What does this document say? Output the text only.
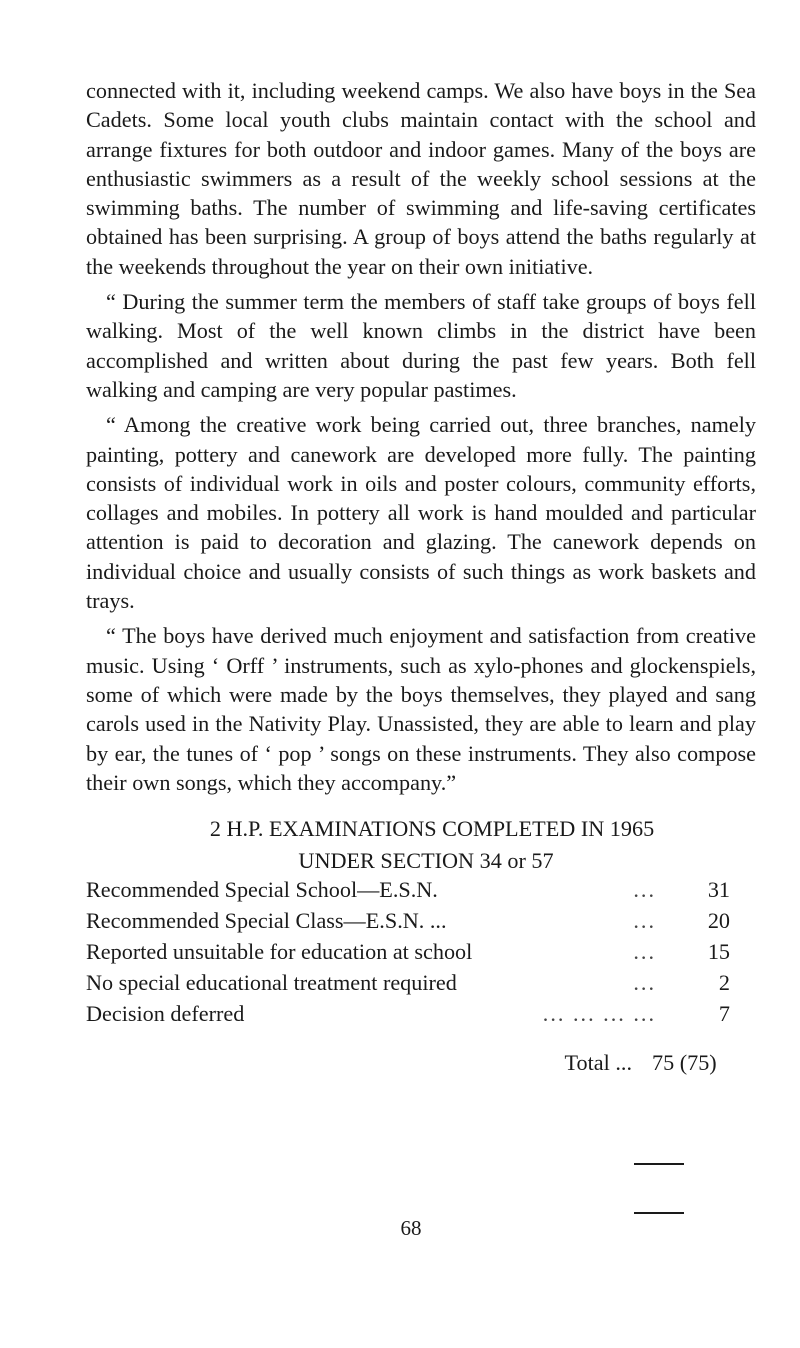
connected with it, including weekend camps. We also have boys in the Sea Cadets. Some local youth clubs maintain contact with the school and arrange fixtures for both outdoor and indoor games. Many of the boys are enthusiastic swimmers as a result of the weekly school sessions at the swimming baths. The number of swimming and life-saving certificates obtained has been surprising. A group of boys attend the baths regularly at the weekends throughout the year on their own initiative.

“ During the summer term the members of staff take groups of boys fell walking. Most of the well known climbs in the district have been accomplished and written about during the past few years. Both fell walking and camping are very popular pastimes.

“ Among the creative work being carried out, three branches, namely painting, pottery and canework are developed more fully. The painting consists of individual work in oils and poster colours, community efforts, collages and mobiles. In pottery all work is hand moulded and particular attention is paid to decoration and glazing. The canework depends on individual choice and usually consists of such things as work baskets and trays.

“ The boys have derived much enjoyment and satisfaction from creative music. Using ‘ Orff ’ instruments, such as xylo-phones and glockenspiels, some of which were made by the boys themselves, they played and sang carols used in the Nativity Play. Unassisted, they are able to learn and play by ear, the tunes of ‘ pop ’ songs on these instruments. They also compose their own songs, which they accompany.”

2 H.P. EXAMINATIONS COMPLETED IN 1965
UNDER SECTION 34 or 57
Recommended Special School—E.S.N.	...	31
Recommended Special Class—E.S.N. ...	...	20
Reported unsuitable for education at school	...	15
No special educational treatment required	...	2
Decision deferred	... ... ... ...	7
Total ... 75 (75)
68
